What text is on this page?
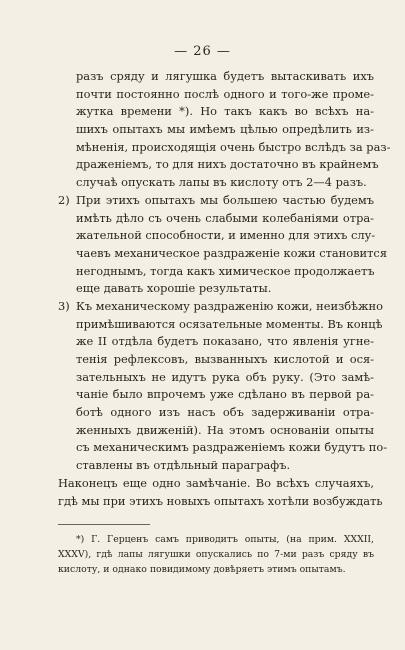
— 26 —
разъ сряду и лягушка будетъ вытаскивать ихъ
почти постоянно послѣ одного и того-же проме-
жутка времени *). Но такъ какъ во всѣхъ на-
шихъ опытахъ мы имѣемъ цѣлью опредѣлить из-
мѣненія, происходящія очень быстро вслѣдъ за раз-
драженіемъ, то для нихъ достаточно въ крайнемъ
случаѣ опускать лапы въ кислоту отъ 2—4 разъ.
2) При этихъ опытахъ мы большею частью будемъ
имѣть дѣло съ очень слабыми колебаніями отра-
жательной способности, и именно для этихъ слу-
чаевъ механическое раздраженіе кожи становится
негоднымъ, тогда какъ химическое продолжаетъ
еще давать хорошіе результаты.
3) Къ механическому раздраженію кожи, неизбѣжно
примѣшиваются осязательные моменты. Въ концѣ
же II отдѣла будетъ показано, что явленія угне-
тенія рефлексовъ, вызванныхъ кислотой и ося-
зательныхъ не идутъ рука объ руку. (Это замѣ-
чаніе было впрочемъ уже сдѣлано въ первой ра-
ботѣ одного изъ насъ объ задерживаніи отра-
женныхъ движеній). На этомъ основаніи опыты
съ механическимъ раздраженіемъ кожи будутъ по-
ставлены въ отдѣльный параграфъ.
Наконецъ еще одно замѣчаніе. Во всѣхъ случаяхъ,
гдѣ мы при этихъ новыхъ опытахъ хотѣли возбуждать
*) Г. Герценъ самъ приводитъ опыты, (на прим. XXXII,
XXXV), гдѣ лапы лягушки опускались по 7-ми разъ сряду въ
кислоту, и однако повидимому довѣряетъ этимъ опытамъ.
